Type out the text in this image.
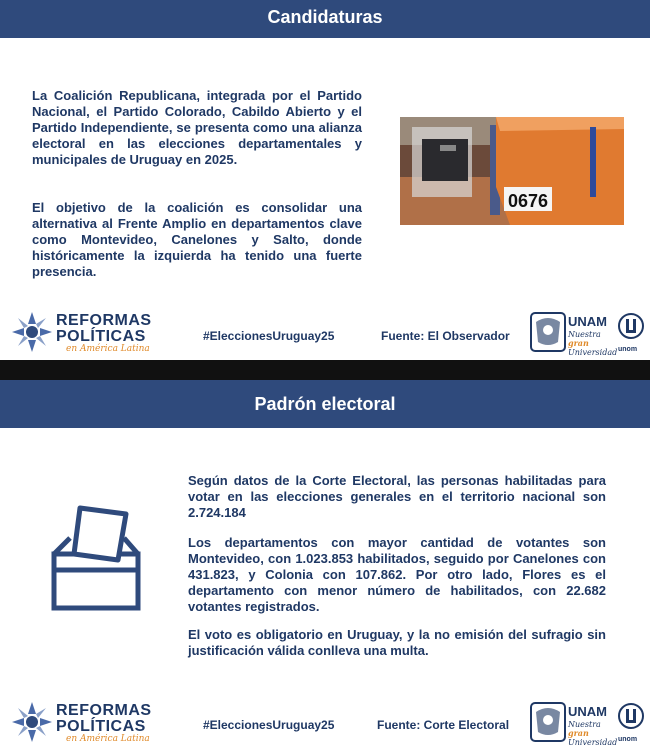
Candidaturas

La Coalición Republicana, integrada por el Partido Nacional, el Partido Colorado, Cabildo Abierto y el Partido Independiente, se presenta como una alianza electoral en las elecciones departamentales y municipales de Uruguay en 2025.

El objetivo de la coalición es consolidar una alternativa al Frente Amplio en departamentos clave como Montevideo, Canelones y Salto, donde históricamente la izquierda ha tenido una fuerte presencia.

0676
REFORMAS
POLÍTICAS
en América Latina
#EleccionesUruguay25	Fuente: El Observador
UNAM
Nuestra gran
Universidad unom
Padrón electoral

Según datos de la Corte Electoral, las personas habilitadas para votar en las elecciones generales en el territorio nacional son 2.724.184

Los departamentos con mayor cantidad de votantes son Montevideo, con 1.023.853 habilitados, seguido por Canelones con 431.823, y Colonia con 107.862. Por otro lado, Flores es el departamento con menor número de habilitados, con 22.682 votantes registrados.

El voto es obligatorio en Uruguay, y la no emisión del sufragio sin justificación válida conlleva una multa.

REFORMAS
POLÍTICAS
en América Latina
#EleccionesUruguay25	Fuente: Corte Electoral
UNAM
Nuestra gran
Universidad unom
